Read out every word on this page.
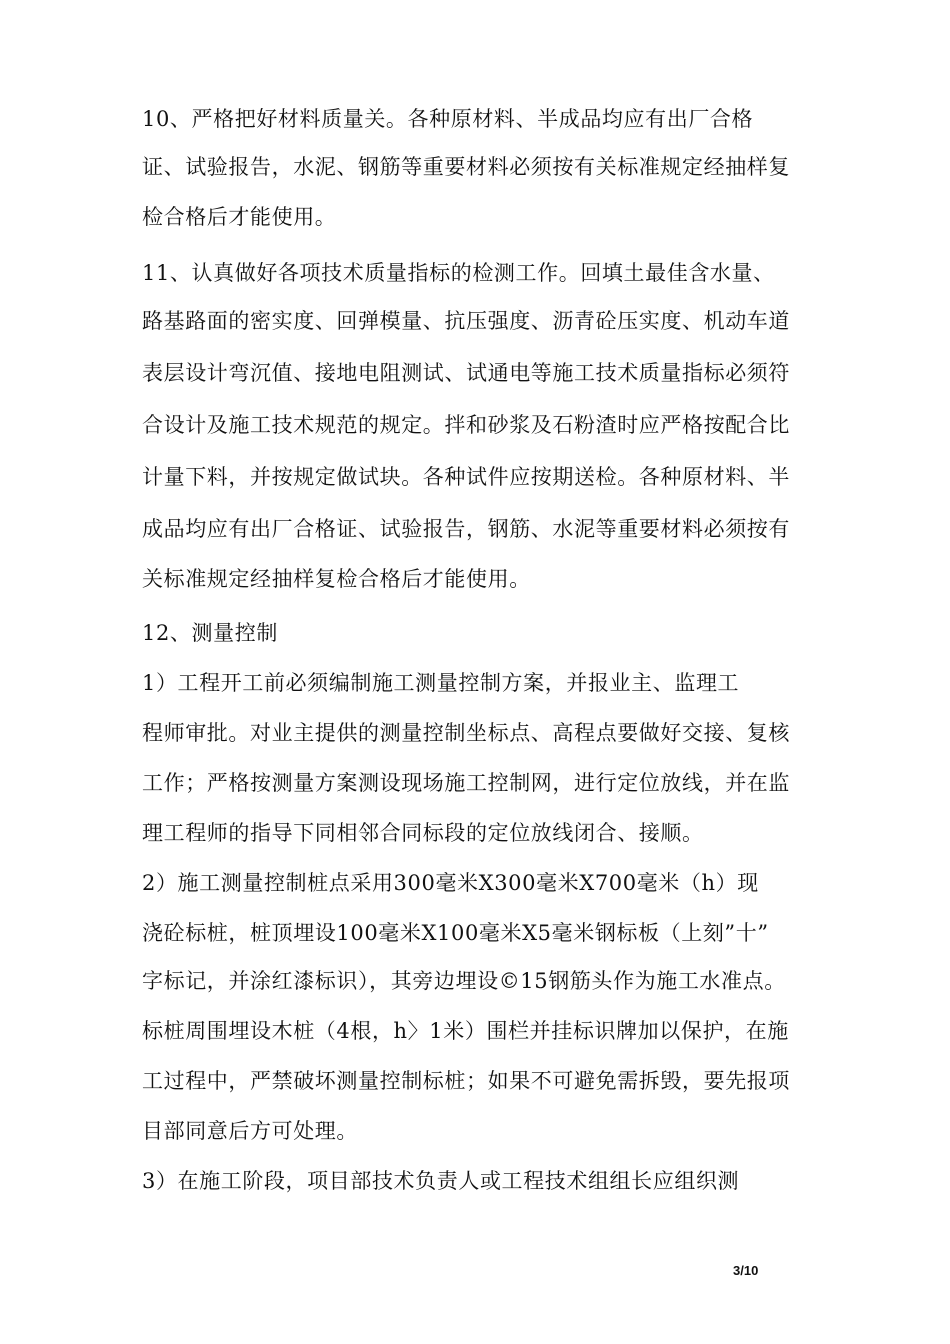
10、严格把好材料质量关。各种原材料、半成品均应有出厂合格
证、试验报告，水泥、钢筋等重要材料必须按有关标准规定经抽样复
检合格后才能使用。
11、认真做好各项技术质量指标的检测工作。回填土最佳含水量、
路基路面的密实度、回弹模量、抗压强度、沥青砼压实度、机动车道
表层设计弯沉值、接地电阻测试、试通电等施工技术质量指标必须符
合设计及施工技术规范的规定。拌和砂浆及石粉渣时应严格按配合比
计量下料，并按规定做试块。各种试件应按期送检。各种原材料、半
成品均应有出厂合格证、试验报告，钢筋、水泥等重要材料必须按有
关标准规定经抽样复检合格后才能使用。
12、测量控制
1）工程开工前必须编制施工测量控制方案，并报业主、监理工
程师审批。对业主提供的测量控制坐标点、高程点要做好交接、复核
工作；严格按测量方案测设现场施工控制网，进行定位放线，并在监
理工程师的指导下同相邻合同标段的定位放线闭合、接顺。
2）施工测量控制桩点采用300毫米X300毫米X700毫米（h）现
浇砼标桩，桩顶埋设100毫米X100毫米X5毫米钢标板（上刻”十”
字标记，并涂红漆标识），其旁边埋设©15钢筋头作为施工水准点。
标桩周围埋设木桩（4根，h〉1米）围栏并挂标识牌加以保护，在施
工过程中，严禁破坏测量控制标桩；如果不可避免需拆毁，要先报项
目部同意后方可处理。
3）在施工阶段，项目部技术负责人或工程技术组组长应组织测
3/10
